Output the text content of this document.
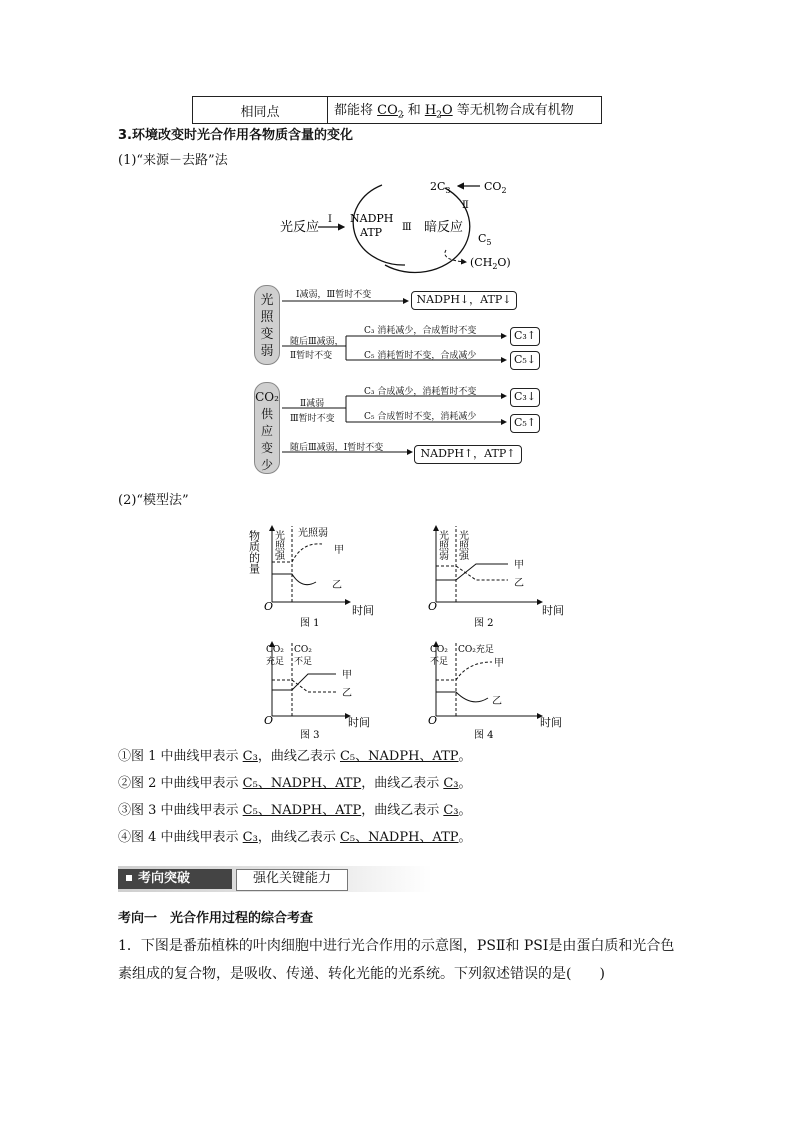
相同点	都能将 $CO_2$ 和 $H_2O$ 等无机物合成有机物
3.环境改变时光合作用各物质含量的变化
(1)“来源－去路”法
光反应
Ⅰ NADPH
ATP Ⅲ 暗反应
$2C_3$	$CO_2$
Ⅱ
$C_5$
$(CH_2O)$
光
照
变
弱
Ⅰ减弱，Ⅲ暂时不变	NADPH↓，ATP↓
随后Ⅲ减弱，
Ⅱ暂时不变
C₃ 消耗减少，合成暂时不变	C₃↑
C₅ 消耗暂时不变，合成减少	C₅↓
CO₂
供
应
变
少
Ⅱ减弱
Ⅲ暂时不变
C₃ 合成减少，消耗暂时不变	C₃↓
C₅ 合成暂时不变，消耗减少	C₅↑
随后Ⅲ减弱，Ⅰ暂时不变	NADPH↑，ATP↑
(2)“模型法”
物质的量
O	时间
光照强 光照弱
甲
乙
图 1
O	时间
光照弱 光照强
甲
乙
图 2
O	时间
CO₂
充足
CO₂
不足
甲
乙
图 3
O	时间
CO₂
不足
CO₂充足
甲
乙
图 4
①图 1 中曲线甲表示 C₃，曲线乙表示 C₅、NADPH、ATP。
②图 2 中曲线甲表示 C₅、NADPH、ATP，曲线乙表示 C₃。
③图 3 中曲线甲表示 C₅、NADPH、ATP，曲线乙表示 C₃。
④图 4 中曲线甲表示 C₃，曲线乙表示 C₅、NADPH、ATP。
考向突破	强化关键能力
考向一　光合作用过程的综合考查
1．下图是番茄植株的叶肉细胞中进行光合作用的示意图，PSⅡ和 PSⅠ是由蛋白质和光合色
素组成的复合物，是吸收、传递、转化光能的光系统。下列叙述错误的是(　　)
